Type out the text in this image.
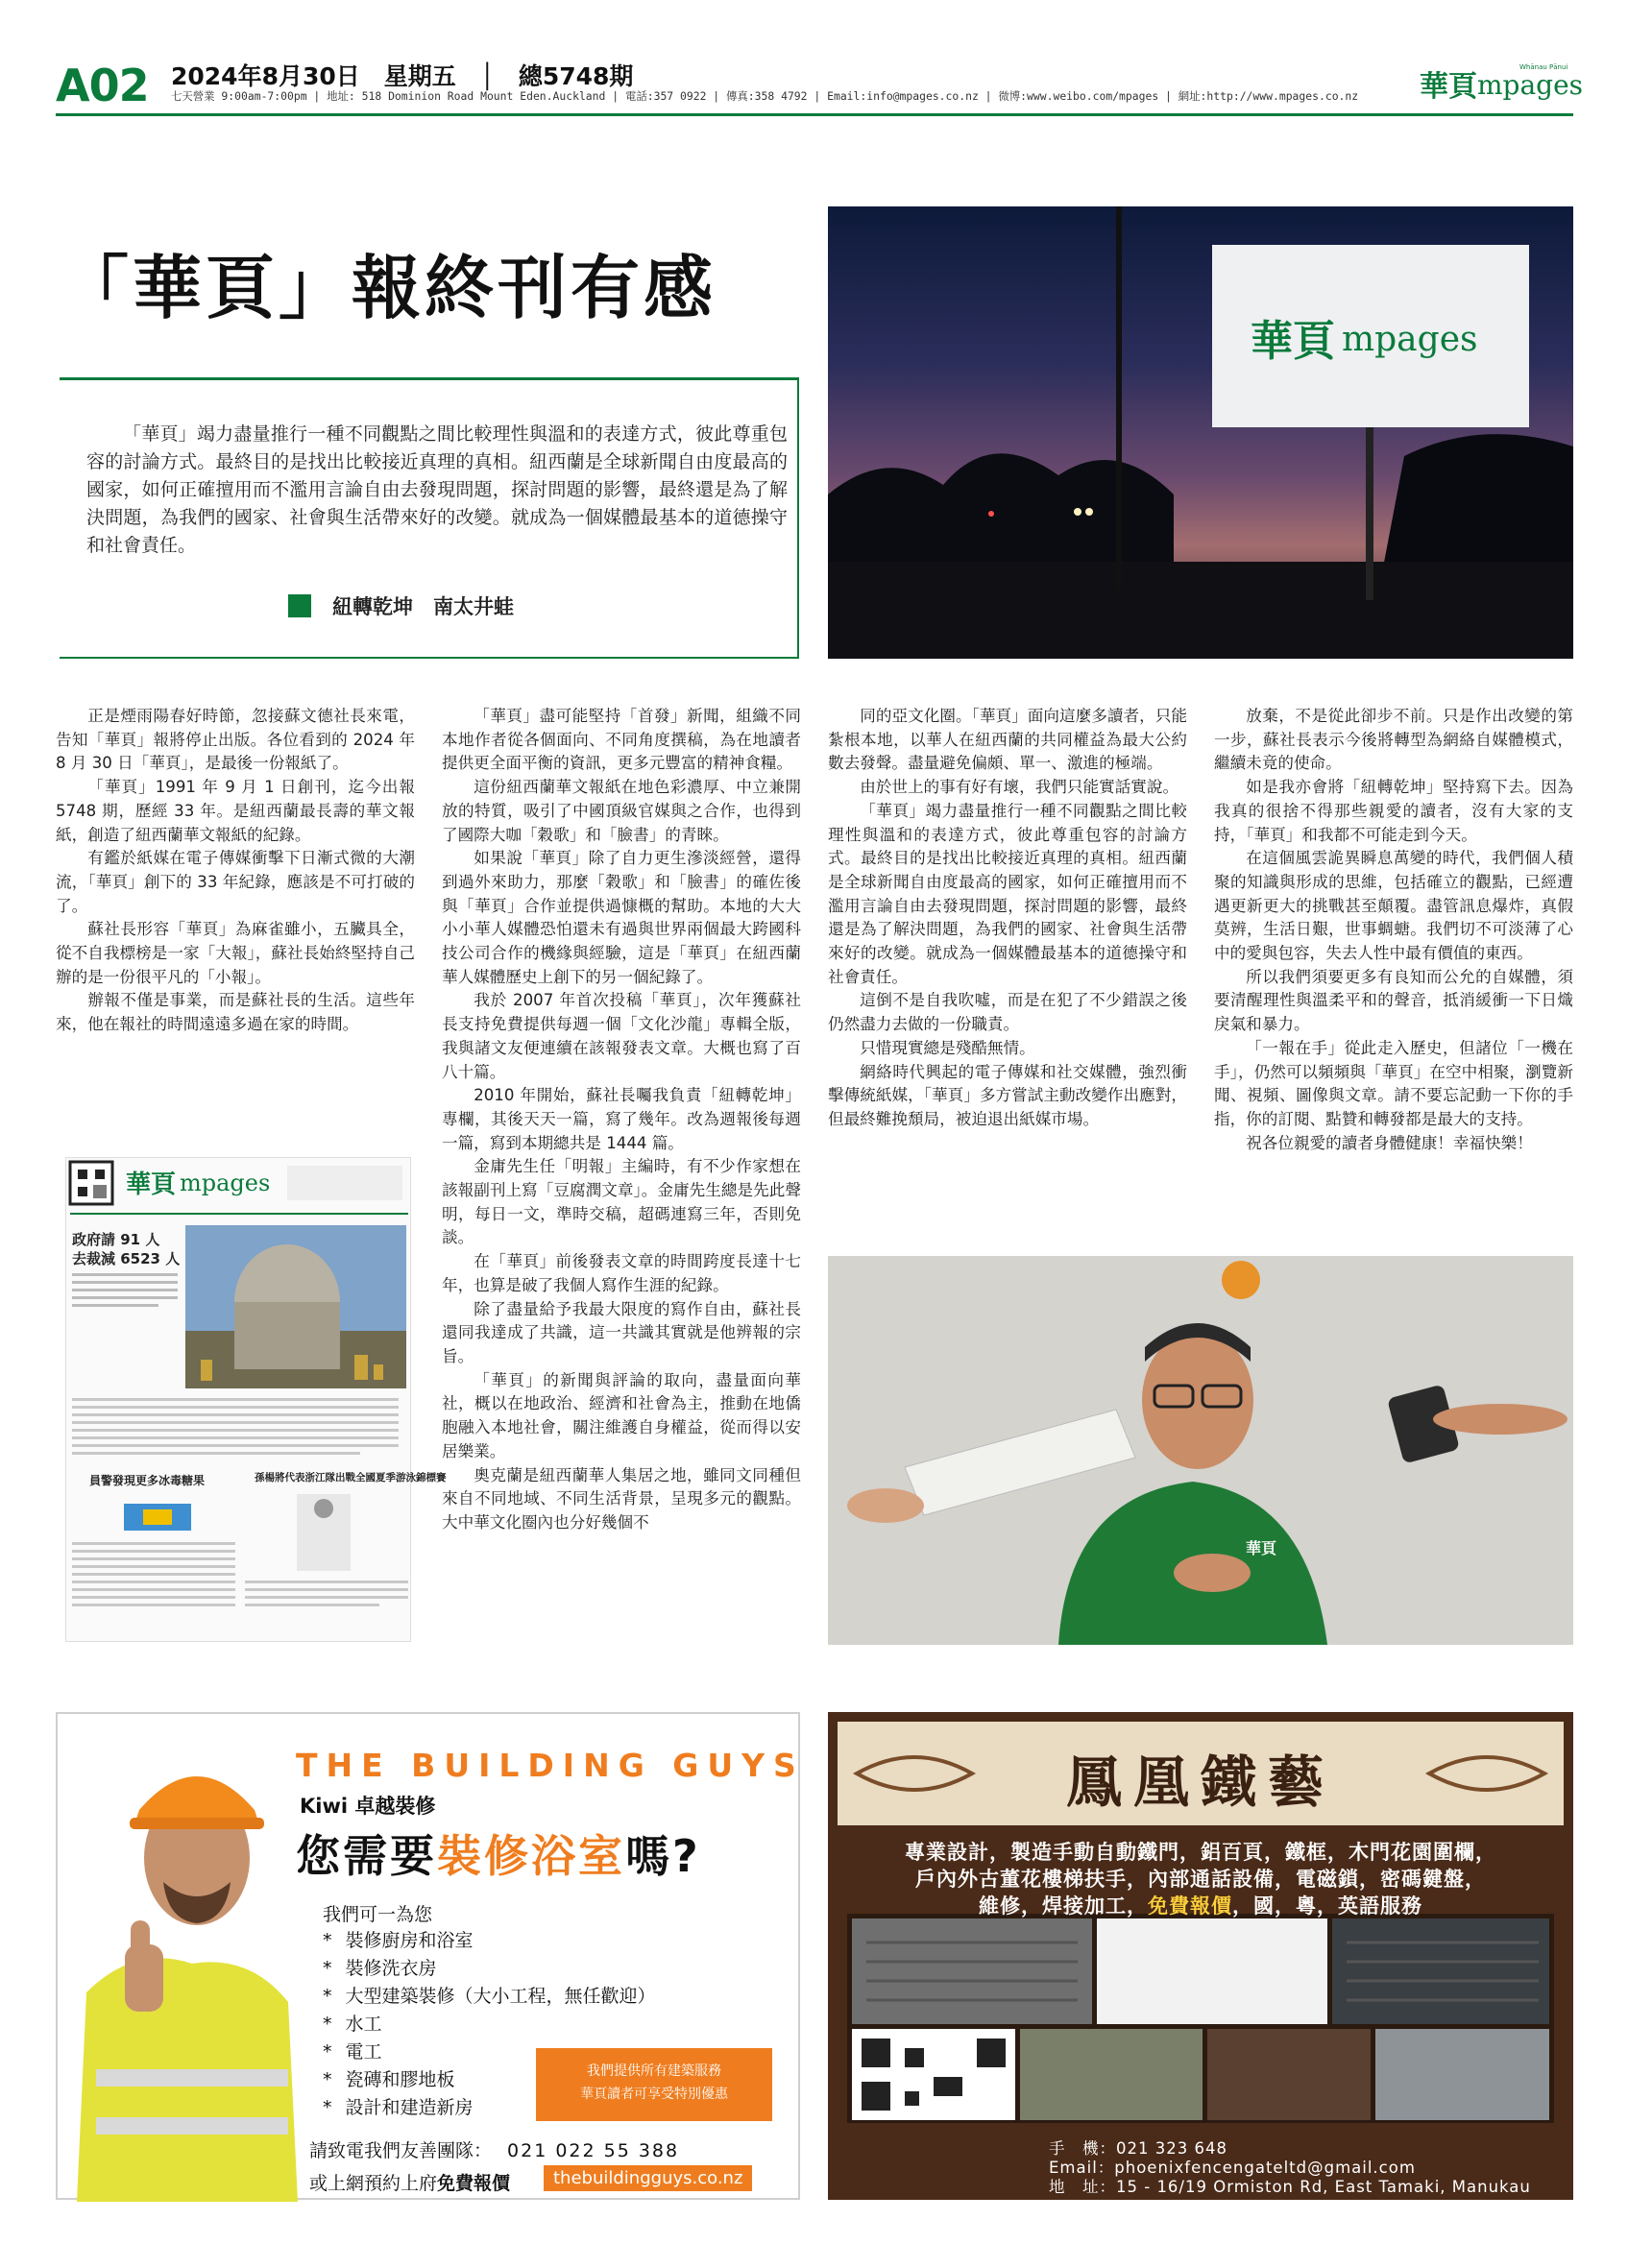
A02 2024年8月30日　星期五　│　總5748期
七天營業 9:00am-7:00pm | 地址: 518 Dominion Road Mount Eden.Auckland | 電話:357 0922 | 傳真:358 4792 | Email:info@mpages.co.nz | 微博:www.weibo.com/mpages | 網址:http://www.mpages.co.nz 華頁 mpages
Whānau Pānui
「華頁」報終刊有感

「華頁」竭力盡量推行一種不同觀點之間比較理性與溫和的表達方式，彼此尊重包容的討論方式。最終目的是找出比較接近真理的真相。紐西蘭是全球新聞自由度最高的國家，如何正確擅用而不濫用言論自由去發現問題，探討問題的影響，最終還是為了解決問題，為我們的國家、社會與生活帶來好的改變。就成為一個媒體最基本的道德操守和社會責任。

紐轉乾坤　南太井蛙
華頁 mpages

正是煙雨陽春好時節，忽接蘇文德社長來電，告知「華頁」報將停止出版。各位看到的 2024 年 8 月 30 日「華頁」，是最後一份報紙了。

「華頁」1991 年 9 月 1 日創刊，迄今出報 5748 期，歷經 33 年。是紐西蘭最長壽的華文報紙，創造了紐西蘭華文報紙的紀錄。

有鑑於紙媒在電子傳媒衝擊下日漸式微的大潮流，「華頁」創下的 33 年紀錄，應該是不可打破的了。

蘇社長形容「華頁」為麻雀雖小，五臟具全，從不自我標榜是一家「大報」，蘇社長始終堅持自己辦的是一份很平凡的「小報」。

辦報不僅是事業，而是蘇社長的生活。這些年來，他在報社的時間遠遠多過在家的時間。

「華頁」盡可能堅持「首發」新聞，組織不同本地作者從各個面向、不同角度撰稿，為在地讀者提供更全面平衡的資訊，更多元豐富的精神食糧。

這份紐西蘭華文報紙在地色彩濃厚、中立兼開放的特質，吸引了中國頂級官媒與之合作，也得到了國際大咖「穀歌」和「臉書」的青睞。

如果說「華頁」除了自力更生滲淡經營，還得到過外來助力，那麼「穀歌」和「臉書」的確佐後與「華頁」合作並提供過慷概的幫助。本地的大大小小華人媒體恐怕還未有過與世界兩個最大跨國科技公司合作的機緣與經驗，這是「華頁」在紐西蘭華人媒體歷史上創下的另一個紀錄了。

我於 2007 年首次投稿「華頁」，次年獲蘇社長支持免費提供每週一個「文化沙龍」專輯全版，我與諸文友便連續在該報發表文章。大概也寫了百八十篇。

2010 年開始，蘇社長囑我負責「紐轉乾坤」專欄，其後天天一篇，寫了幾年。改為週報後每週一篇，寫到本期總共是 1444 篇。

金庸先生任「明報」主編時，有不少作家想在該報副刊上寫「豆腐潤文章」。金庸先生總是先此聲明，每日一文，準時交稿，超碼連寫三年，否則免談。

在「華頁」前後發表文章的時間跨度長達十七年，也算是破了我個人寫作生涯的紀錄。

除了盡量給予我最大限度的寫作自由，蘇社長還同我達成了共識，這一共識其實就是他辨報的宗旨。

「華頁」的新聞與評論的取向，盡量面向華社，概以在地政治、經濟和社會為主，推動在地僑胞融入本地社會，關注維護自身權益，從而得以安居樂業。

奧克蘭是紐西蘭華人集居之地，雖同文同種但來自不同地域、不同生活背景，呈現多元的觀點。大中華文化圈內也分好幾個不

同的亞文化圈。「華頁」面向這麼多讀者，只能紮根本地，以華人在紐西蘭的共同權益為最大公約數去發聲。盡量避免偏頗、單一、激進的極端。

由於世上的事有好有壞，我們只能實話實說。

「華頁」竭力盡量推行一種不同觀點之間比較理性與溫和的表達方式，彼此尊重包容的討論方式。最終目的是找出比較接近真理的真相。紐西蘭是全球新聞自由度最高的國家，如何正確擅用而不濫用言論自由去發現問題，探討問題的影響，最終還是為了解決問題，為我們的國家、社會與生活帶來好的改變。就成為一個媒體最基本的道德操守和社會責任。

這倒不是自我吹噓，而是在犯了不少錯誤之後仍然盡力去做的一份職責。

只惜現實總是殘酷無情。

網絡時代興起的電子傳媒和社交媒體，強烈衝擊傳統紙媒，「華頁」多方嘗試主動改變作出應對，但最終難挽頹局，被迫退出紙媒市場。

放棄，不是從此卻步不前。只是作出改變的第一步，蘇社長表示今後將轉型為網絡自媒體模式，繼續未竟的使命。

如是我亦會將「紐轉乾坤」堅持寫下去。因為我真的很捨不得那些親愛的讀者，沒有大家的支持，「華頁」和我都不可能走到今天。

在這個風雲詭異瞬息萬變的時代，我們個人積聚的知識與形成的思維，包括確立的觀點，已經遭遇更新更大的挑戰甚至顛覆。盡管訊息爆炸，真假莫辨，生活日艱，世事蜩螗。我們切不可淡薄了心中的愛與包容，失去人性中最有價值的東西。

所以我們須要更多有良知而公允的自媒體，須要清醒理性與溫柔平和的聲音，抵消緩衝一下日熾戾氣和暴力。

「一報在手」從此走入歷史，但諸位「一機在手」，仍然可以頻頻與「華頁」在空中相聚，瀏覽新聞、視頻、圖像與文章。請不要忘記動一下你的手指，你的訂閱、點贊和轉發都是最大的支持。

祝各位親愛的讀者身體健康！幸福快樂！

華頁 mpages
政府請 91 人
去裁減 6523 人
員警發現更多冰毒糖果	孫楊將代表浙江隊出戰全國夏季游泳錦標賽
華頁
THE BUILDING GUYS
Kiwi 卓越裝修
您需要裝修浴室嗎?
我們可一為您
* 裝修廚房和浴室
* 裝修洗衣房
* 大型建築裝修（大小工程，無任歡迎）
* 水工
* 電工
* 瓷磚和膠地板
* 設計和建造新房
我們提供所有建築服務
華頁讀者可享受特別優惠
請致電我們友善團隊： 021 022 55 388
或上網預約上府免費報價	thebuildingguys.co.nz
鳳凰鐵藝
專業設計，製造手動自動鐵門，鋁百頁，鐵框，木門花園圍欄，
戶內外古董花樓梯扶手，內部通話設備，電磁鎖，密碼鍵盤，
維修，焊接加工，免費報價，國，粵，英語服務
手　機：021 323 648
Email：phoenixfencengateltd@gmail.com
地　址：15 - 16/19 Ormiston Rd, East Tamaki, Manukau
